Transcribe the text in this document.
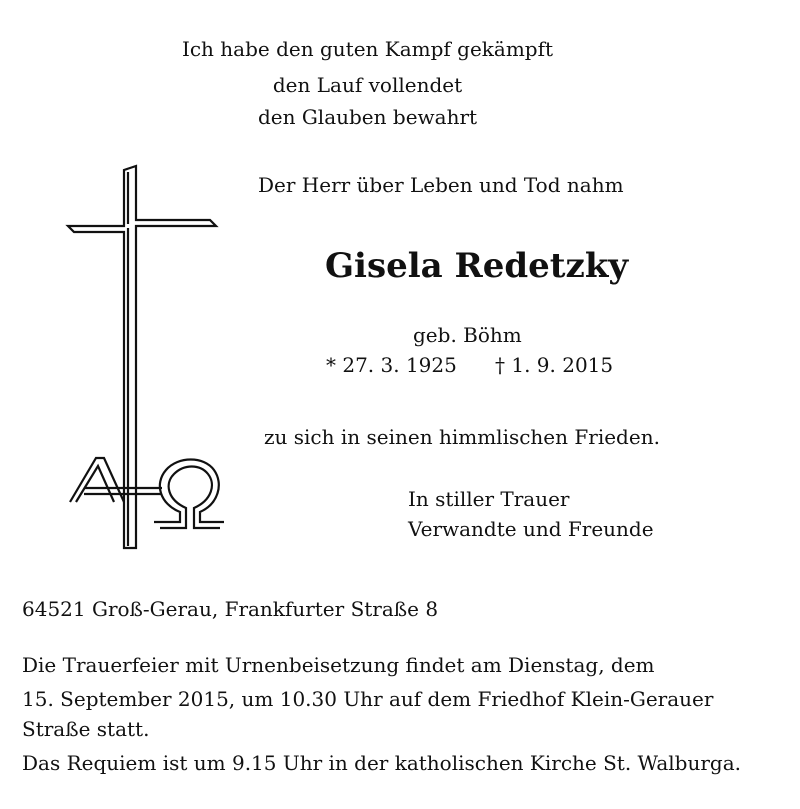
Ich habe den guten Kampf gekämpft
den Lauf vollendet
den Glauben bewahrt
Der Herr über Leben und Tod nahm
Gisela Redetzky
geb. Böhm
* 27. 3. 1925 † 1. 9. 2015
zu sich in seinen himmlischen Frieden.
In stiller Trauer
Verwandte und Freunde
64521 Groß-Gerau, Frankfurter Straße 8
Die Trauerfeier mit Urnenbeisetzung findet am Dienstag, dem
15. September 2015, um 10.30 Uhr auf dem Friedhof Klein-Gerauer
Straße statt.
Das Requiem ist um 9.15 Uhr in der katholischen Kirche St. Walburga.
